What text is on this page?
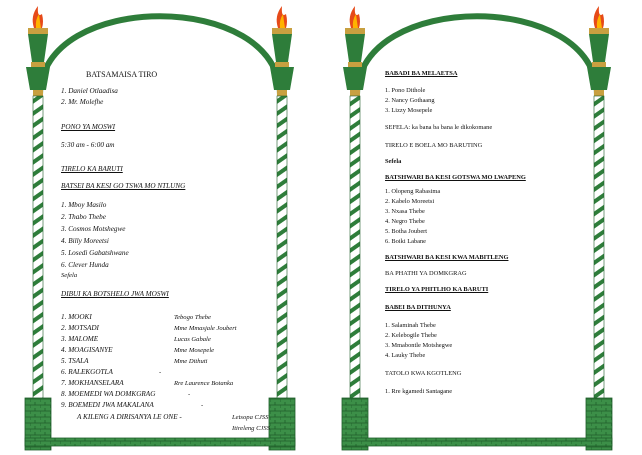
BATSAMAISA TIRO
1. Daniel Otlaadisa
2. Mr. Molefhe
PONO YA MOSWI
5:30 am - 6:00 am
TIRELO KA BARUTI
BATSEI BA KESI GO TSWA MO NTLUNG
1. Mboy Masilo
2. Thabo Thebe
3. Cosmos Motshegwe
4. Billy Moreetsi
5. Losedi Gabatshwane
6. Clever Hunda
Sefela
DIBUI KA BOTSHELO JWA MOSWI
1. MOOKI	Tebogo Thebe
2. MOTSADI	Mme Mmasjale Joubert
3. MALOME	Lucas Gabale
4. MOAGISANYE	Mme Mosepele
5. TSALA	Mme Dithuti
6. RALEKGOTLA	-
7. MOKHANSELARA	Rre Laurence Botanka
8. MOEMEDI WA DOMKGRAG	-
9. BOEMEDI JWA MAKALANA	-
A KILENG A DIRISANYA LE ONE -	Letsopa CJSS
Itireleng CJSS
BABADI BA MELAETSA
1. Pono Dithole
2. Nancy Gothaang
3. Lizzy Mosepele
SEFELA: ka bana ba bana le dikokomane
TIRELO E BOELA MO BARUTING
Sefela
BATSHWARI BA KESI GOTSWA MO LWAPENG
1. Olopeng Rabasima
2. Kabelo Moreetsi
3. Nxasa Thebe
4. Negro Thebe
5. Botha Joubert
6. Boiki Labane
BATSHWARI BA KESI KWA MABITLENG
BA PHATHI YA DOMKGRAG
TIRELO YA PHITLHO KA BARUTI
BABEI BA DITHUNYA
1. Salaminah Thebe
2. Kelebogile Thebe
3. Mmabontle Motshegwe
4. Lauky Thebe
TATOLO KWA KGOTLENG
1. Rre kgamedi Santagane
